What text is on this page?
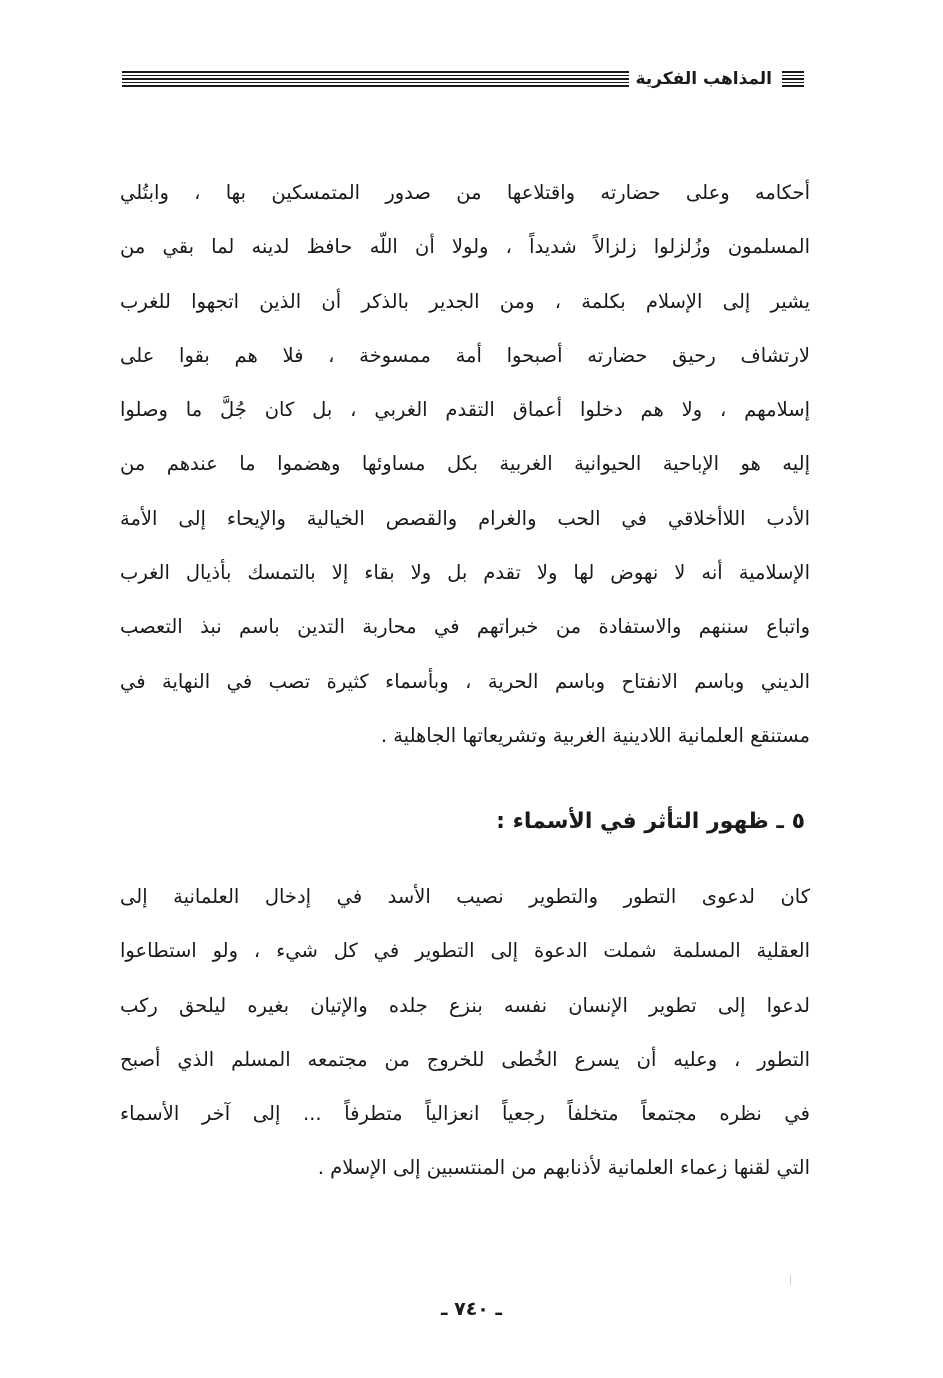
المذاهب الفكرية
أحكامه وعلى حضارته واقتلاعها من صدور المتمسكين بها ، وابتُلي
المسلمون وزُلزلوا زلزالاً شديداً ، ولولا أن اللّه حافظ لدينه لما بقي من
يشير إلى الإسلام بكلمة ، ومن الجدير بالذكر أن الذين اتجهوا للغرب
لارتشاف رحيق حضارته أصبحوا أمة ممسوخة ، فلا هم بقوا على
إسلامهم ، ولا هم دخلوا أعماق التقدم الغربي ، بل كان جُلَّ ما وصلوا
إليه هو الإباحية الحيوانية الغربية بكل مساوئها وهضموا ما عندهم من
الأدب اللاأخلاقي في الحب والغرام والقصص الخيالية والإيحاء إلى الأمة
الإسلامية أنه لا نهوض لها ولا تقدم بل ولا بقاء إلا بالتمسك بأذيال الغرب
واتباع سننهم والاستفادة من خبراتهم في محاربة التدين باسم نبذ التعصب
الديني وباسم الانفتاح وباسم الحرية ، وبأسماء كثيرة تصب في النهاية في
مستنقع العلمانية اللادينية الغربية وتشريعاتها الجاهلية .
٥ ـ ظهور التأثر في الأسماء :
كان لدعوى التطور والتطوير نصيب الأسد في إدخال العلمانية إلى
العقلية المسلمة شملت الدعوة إلى التطوير في كل شيء ، ولو استطاعوا
لدعوا إلى تطوير الإنسان نفسه بنزع جلده والإتيان بغيره ليلحق ركب
التطور ، وعليه أن يسرع الخُطى للخروج من مجتمعه المسلم الذي أصبح
في نظره مجتمعاً متخلفاً رجعياً انعزالياً متطرفاً ... إلى آخر الأسماء
التي لقنها زعماء العلمانية لأذنابهم من المنتسبين إلى الإسلام .
ـ ٧٤٠ ـ
